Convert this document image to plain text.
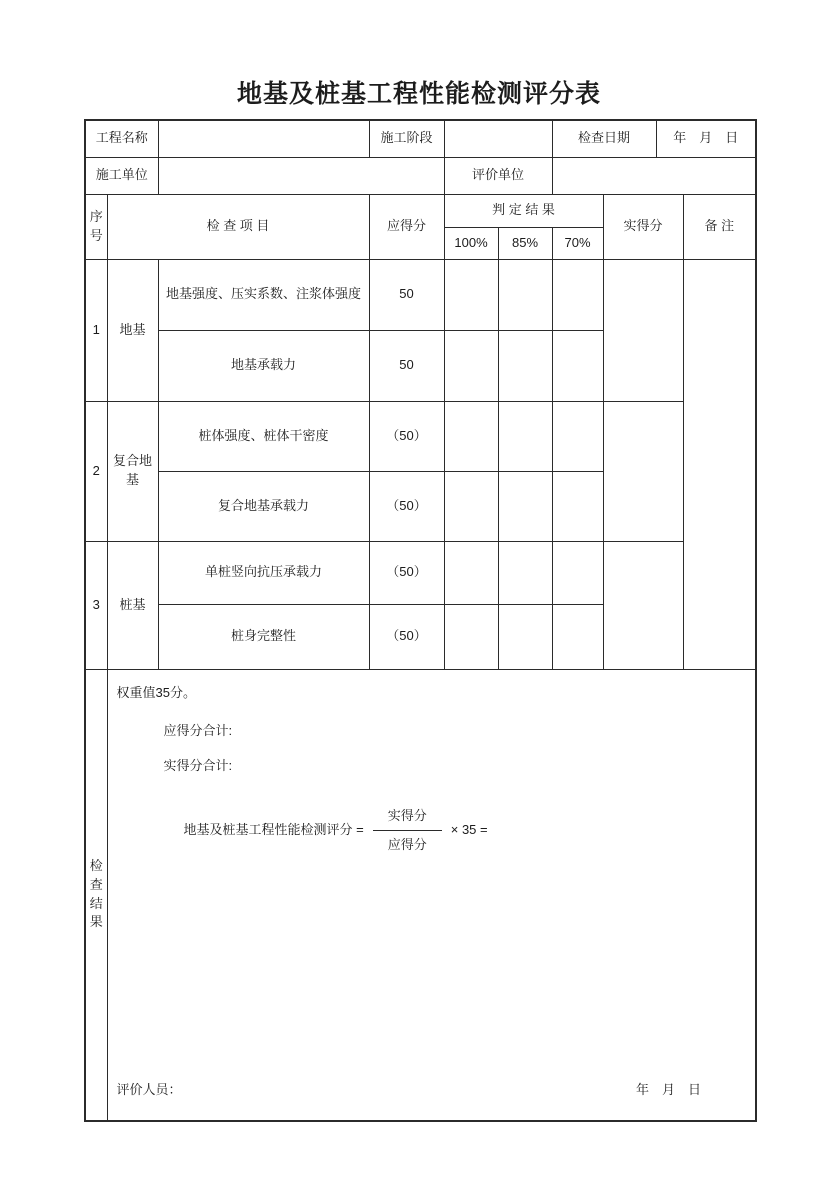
地基及桩基工程性能检测评分表
工程名称			施工阶段			检查日期		年　月　日	
施工单位				评价单位					
序号	检 查 项 目		应得分	判 定 结 果			实得分		备 注
				100%	85%	70%			
1	地基	地基强度、压实系数、注浆体强度	50						
		地基承载力	50						
2	复合地基	桩体强度、桩体干密度	（50）						
		复合地基承载力	（50）						
3	桩基	单桩竖向抗压承载力	（50）						
		桩身完整性	（50）						
检查结果	
权重值35分。
应得分合计:
实得分合计:
地基及桩基工程性能检测评分 = $\frac{\text{实得分}}{\text{应得分}} \times 35$ =
评价人员：	年　月　日
